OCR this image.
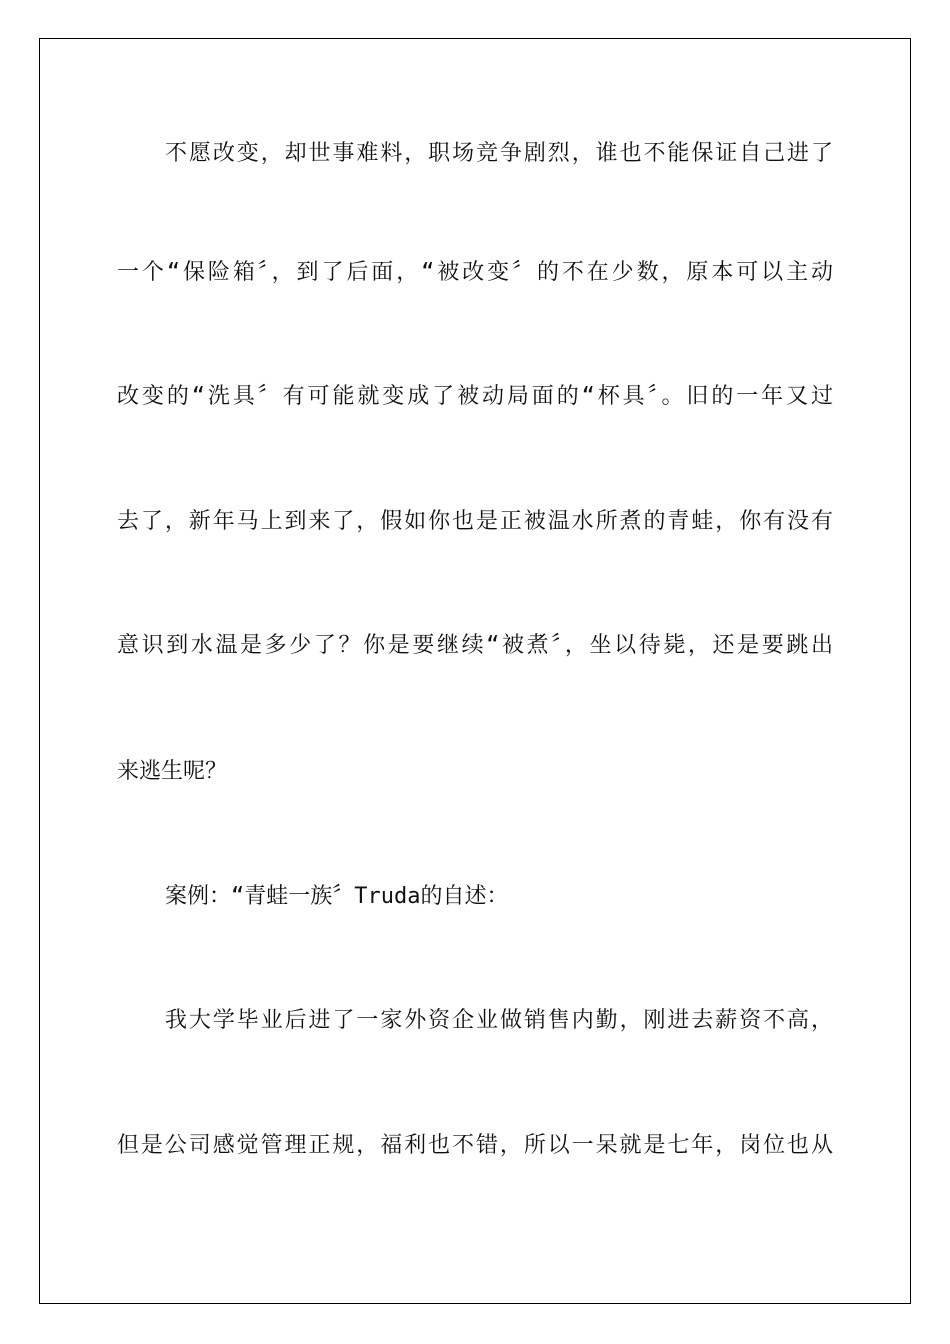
不愿改变，却世事难料，职场竞争剧烈，谁也不能保证自己进了
一个“保险箱〞，到了后面，“被改变〞的不在少数，原本可以主动
改变的“洗具〞有可能就变成了被动局面的“杯具〞。旧的一年又过
去了，新年马上到来了，假如你也是正被温水所煮的青蛙，你有没有
意识到水温是多少了？你是要继续“被煮〞，坐以待毙，还是要跳出
来逃生呢？
案例：“青蛙一族〞Truda的自述：
我大学毕业后进了一家外资企业做销售内勤，刚进去薪资不高，
但是公司感觉管理正规，福利也不错，所以一呆就是七年，岗位也从
